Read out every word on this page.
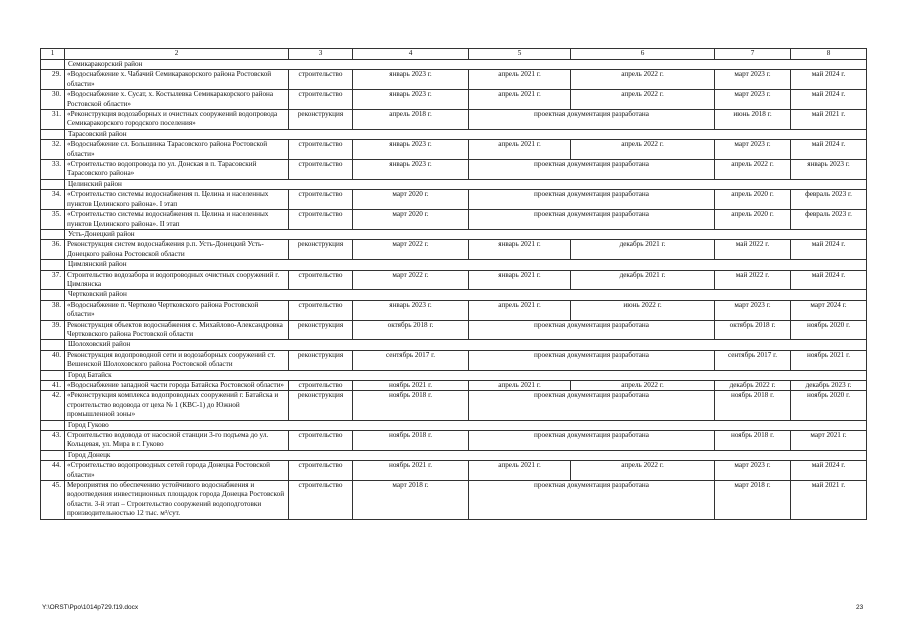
1	2	3	4	5	6	7	8
	Семикаракорский район						
29.	«Водоснабжение х. Чабачий Семикаракорского района Ростовской области»	строительство	январь 2023 г.	апрель 2021 г.	апрель 2022 г.	март 2023 г.	май 2024 г.
30.	«Водоснабжение х. Сусат, х. Костылевка Семикаракорского района Ростовской области»	строительство	январь 2023 г.	апрель 2021 г.	апрель 2022 г.	март 2023 г.	май 2024 г.
31.	«Реконструкция водозаборных и очистных сооружений водопровода Семикаракорского городского поселения»	реконструкция	апрель 2018 г.	проектная документация разработана		июнь 2018 г.	май 2021 г.
	Тарасовский район						
32.	«Водоснабжение сл. Большинка Тарасовского района Ростовской области»	строительство	январь 2023 г.	апрель 2021 г.	апрель 2022 г.	март 2023 г.	май 2024 г.
33.	«Строительство водопровода по ул. Донская в п. Тарасовский Тарасовского района»	строительство	январь 2023 г.	проектная документация разработана		апрель 2022 г.	январь 2023 г.
	Целинский район						
34.	«Строительство системы водоснабжения п. Целина и населенных пунктов Целинского района». I этап	строительство	март 2020 г.	проектная документация разработана		апрель 2020 г.	февраль 2023 г.
35.	«Строительство системы водоснабжения п. Целина и населенных пунктов Целинского района». II этап	строительство	март 2020 г.	проектная документация разработана		апрель 2020 г.	февраль 2023 г.
	Усть-Донецкий район						
36.	Реконструкция систем водоснабжения р.п. Усть-Донецкий Усть-Донецкого района Ростовской области	реконструкция	март 2022 г.	январь 2021 г.	декабрь 2021 г.	май 2022 г.	май 2024 г.
	Цимлянский район						
37.	Строительство водозабора и водопроводных очистных сооружений г. Цимлянска	строительство	март 2022 г.	январь 2021 г.	декабрь 2021 г.	май 2022 г.	май 2024 г.
	Чертковский район						
38.	«Водоснабжение п. Чертково Чертковского района Ростовской области»	строительство	январь 2023 г.	апрель 2021 г.	июнь 2022 г.	март 2023 г.	март 2024 г.
39.	Реконструкция объектов водоснабжения с. Михайлово-Александровка Чертковского района Ростовской области	реконструкция	октябрь 2018 г.	проектная документация разработана		октябрь 2018 г.	ноябрь 2020 г.
	Шолоховский район						
40.	Реконструкция водопроводной сети и водозаборных сооружений ст. Вешенской Шолоховского района Ростовской области	реконструкция	сентябрь 2017 г.	проектная документация разработана		сентябрь 2017 г.	ноябрь 2021 г.
	Город Батайск						
41.	«Водоснабжение западной части города Батайска Ростовской области»	строительство	ноябрь 2021 г.	апрель 2021 г.	апрель 2022 г.	декабрь 2022 г.	декабрь 2023 г.
42.	«Реконструкция комплекса водопроводных сооружений г. Батайска и строительство водовода от цеха № 1 (КВС-1) до Южной промышленной зоны»	реконструкция	ноябрь 2018 г.	проектная документация разработана		ноябрь 2018 г.	ноябрь 2020 г.
	Город Гуково						
43.	Строительство водовода от насосной станции 3-го подъема до ул. Кольцевая, ул. Мира в г. Гуково	строительство	ноябрь 2018 г.	проектная документация разработана		ноябрь 2018 г.	март 2021 г.
	Город Донецк						
44.	«Строительство водопроводных сетей города Донецка Ростовской области»	строительство	ноябрь 2021 г.	апрель 2021 г.	апрель 2022 г.	март 2023 г.	май 2024 г.
45.	Мероприятия по обеспечению устойчивого водоснабжения и водоотведения инвестиционных площадок города Донецка Ростовской области. 3-й этап – Строительство сооружений водоподготовки производительностью 12 тыс. м³/сут.	строительство	март 2018 г.	проектная документация разработана		март 2018 г.	май 2021 г.
Y:\ORST\Ppo\1014p729.f19.docx	23
